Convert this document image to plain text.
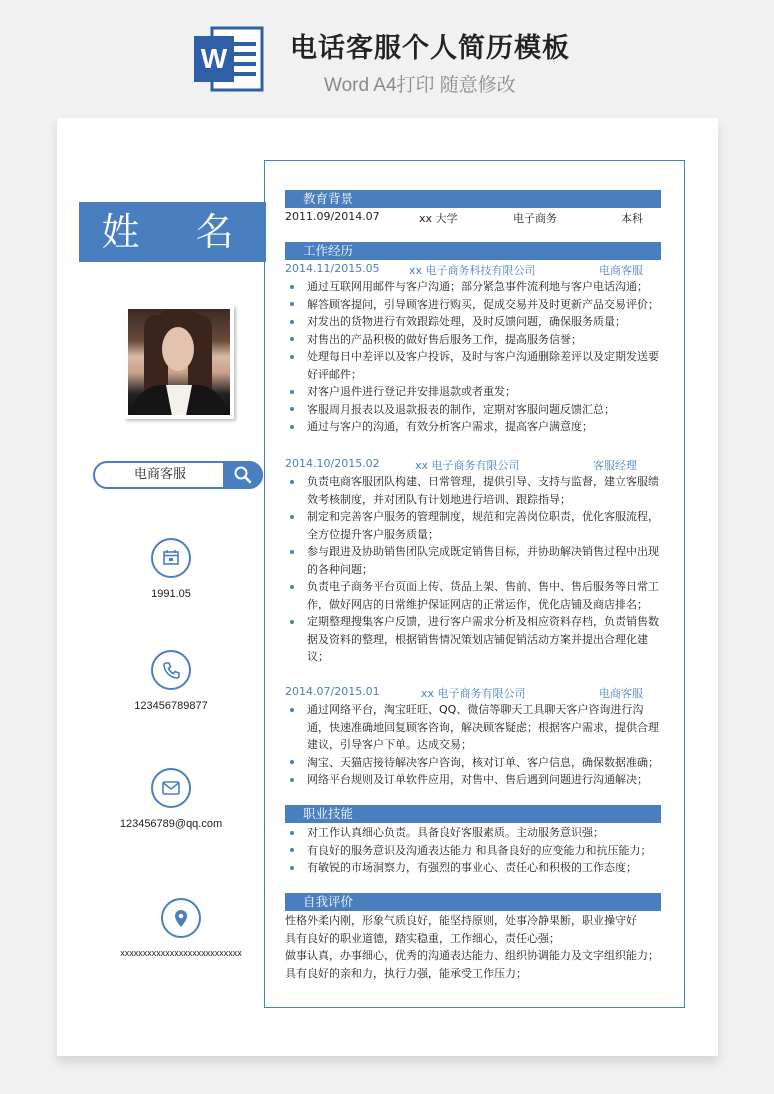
W 电话客服个人简历模板
Word A4打印 随意修改
姓 名
电商客服
1991.05
123456789877
123456789@qq.com
xxxxxxxxxxxxxxxxxxxxxxxxxxx
教育背景
2011.09/2014.07	xx 大学	电子商务	本科
工作经历
2014.11/2015.05	xx 电子商务科技有限公司	电商客服
通过互联网用邮件与客户沟通；部分紧急事件流利地与客户电话沟通；
解答顾客提问，引导顾客进行购买，促成交易并及时更新产品交易评价；
对发出的货物进行有效跟踪处理，及时反馈问题，确保服务质量；
对售出的产品积极的做好售后服务工作，提高服务信誉；
处理每日中差评以及客户投诉，及时与客户沟通删除差评以及定期发送要好评邮件；
对客户退件进行登记并安排退款或者重发；
客服周月报表以及退款报表的制作，定期对客服问题反馈汇总；
通过与客户的沟通，有效分析客户需求，提高客户满意度；
2014.10/2015.02	xx 电子商务有限公司	客服经理
负责电商客服团队构建、日常管理，提供引导、支持与监督，建立客服绩效考核制度，并对团队有计划地进行培训、跟踪指导；
制定和完善客户服务的管理制度，规范和完善岗位职责，优化客服流程，全方位提升客户服务质量；
参与跟进及协助销售团队完成既定销售目标，并协助解决销售过程中出现的各种问题；
负责电子商务平台页面上传、货品上架、售前、售中、售后服务等日常工作，做好网店的日常维护保证网店的正常运作，优化店铺及商店排名；
定期整理搜集客户反馈，进行客户需求分析及相应资料存档，负责销售数据及资料的整理，根据销售情况策划店铺促销活动方案并提出合理化建议；
2014.07/2015.01	xx 电子商务有限公司	电商客服
通过网络平台，淘宝旺旺、QQ、微信等聊天工具聊天客户咨询进行沟通，快速准确地回复顾客咨询，解决顾客疑虑；根据客户需求，提供合理建议，引导客户下单。达成交易；
淘宝、天猫店接待解决客户咨询，核对订单、客户信息，确保数据准确；
网络平台规则及订单软件应用，对售中、售后遇到问题进行沟通解决；
职业技能
对工作认真细心负责。具备良好客服素质。主动服务意识强；
有良好的服务意识及沟通表达能力 和具备良好的应变能力和抗压能力；
有敏锐的市场洞察力，有强烈的事业心、责任心和积极的工作态度；
自我评价

性格外柔内刚，形象气质良好，能坚持原则，处事冷静果断，职业操守好

具有良好的职业道德，踏实稳重，工作细心，责任心强；

做事认真，办事细心，优秀的沟通表达能力、组织协调能力及文字组织能力；

具有良好的亲和力，执行力强，能承受工作压力；
